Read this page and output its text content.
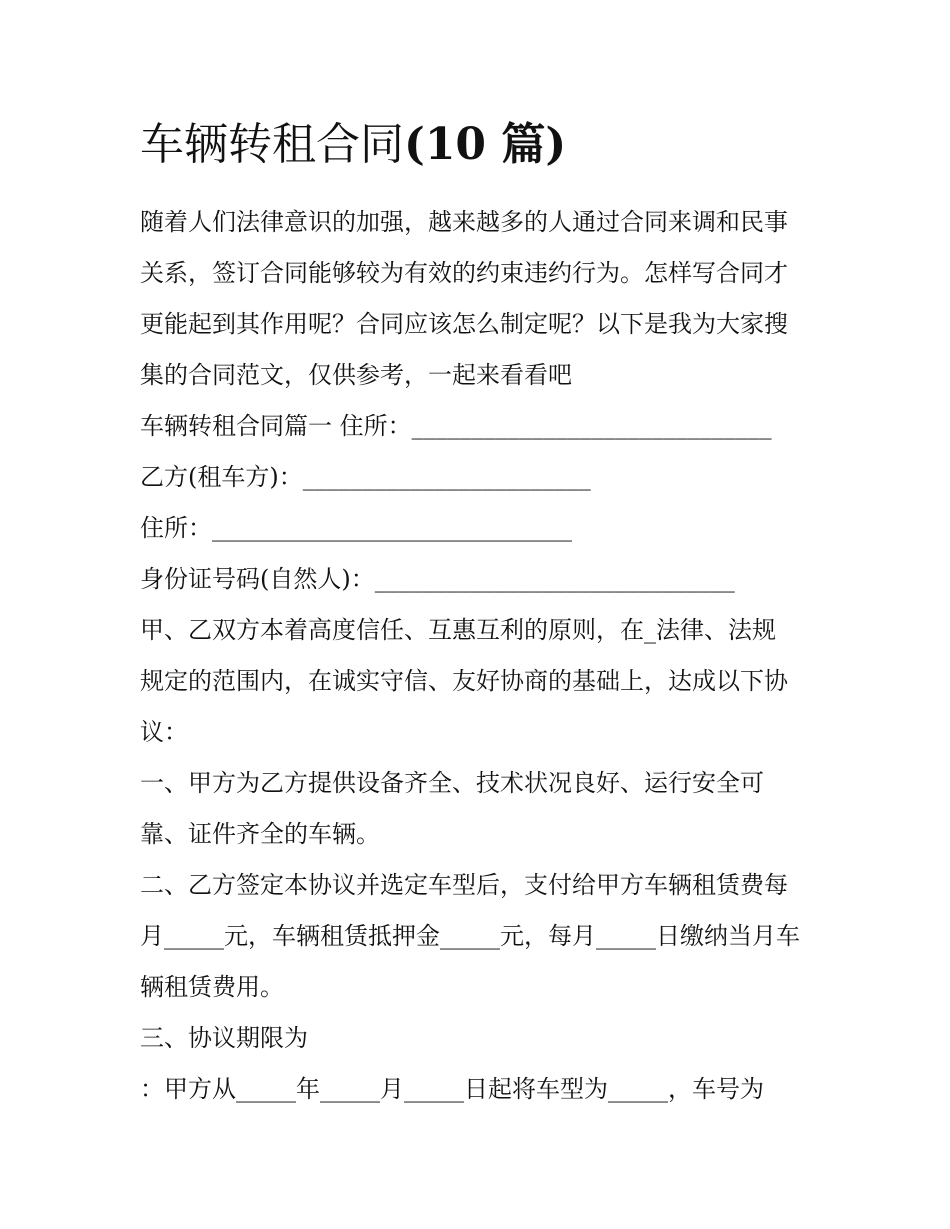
车辆转租合同(10 篇)
随着人们法律意识的加强，越来越多的人通过合同来调和民事
关系，签订合同能够较为有效的约束违约行为。怎样写合同才
更能起到其作用呢？合同应该怎么制定呢？以下是我为大家搜
集的合同范文，仅供参考，一起来看看吧
车辆转租合同篇一 住所：______________________________
乙方(租车方)：________________________
住所：______________________________
身份证号码(自然人)：______________________________
甲、乙双方本着高度信任、互惠互利的原则，在_法律、法规
规定的范围内，在诚实守信、友好协商的基础上，达成以下协
议：
一、甲方为乙方提供设备齐全、技术状况良好、运行安全可
靠、证件齐全的车辆。
二、乙方签定本协议并选定车型后，支付给甲方车辆租赁费每
月_____元，车辆租赁抵押金_____元，每月_____日缴纳当月车
辆租赁费用。
三、协议期限为
：甲方从_____年_____月_____日起将车型为_____，车号为
